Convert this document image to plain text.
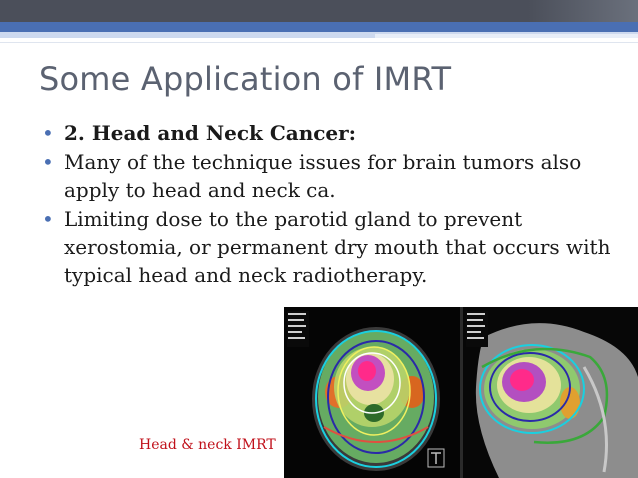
Some Application of IMRT
• 2. Head and Neck Cancer:
• Many of the technique issues for brain tumors also apply to head and neck ca.
• Limiting dose to the parotid gland to prevent xerostomia, or permanent dry mouth that occurs with typical head and neck radiotherapy.
Head & neck IMRT
